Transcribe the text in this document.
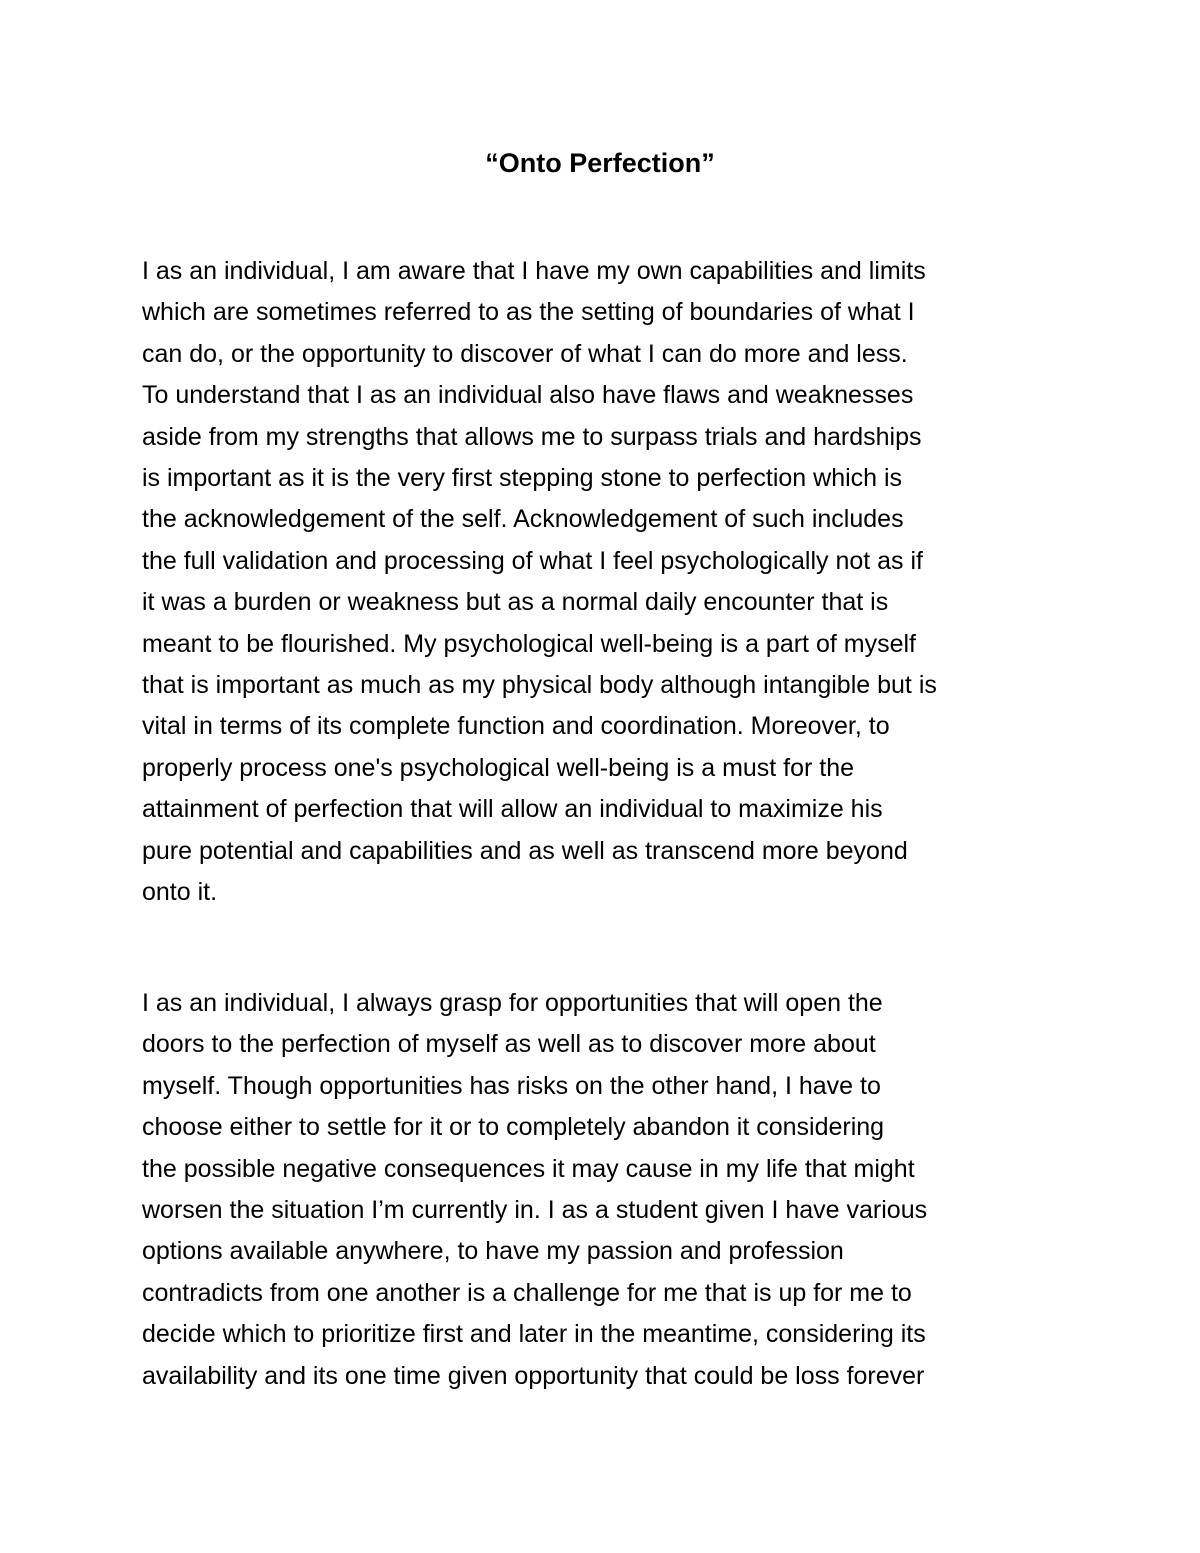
“Onto Perfection”
I as an individual, I am aware that I have my own capabilities and limits
which are sometimes referred to as the setting of boundaries of what I
can do, or the opportunity to discover of what I can do more and less.
To understand that I as an individual also have flaws and weaknesses
aside from my strengths that allows me to surpass trials and hardships
is important as it is the very first stepping stone to perfection which is
the acknowledgement of the self. Acknowledgement of such includes
the full validation and processing of what I feel psychologically not as if
it was a burden or weakness but as a normal daily encounter that is
meant to be flourished. My psychological well-being is a part of myself
that is important as much as my physical body although intangible but is
vital in terms of its complete function and coordination. Moreover, to
properly process one's psychological well-being is a must for the
attainment of perfection that will allow an individual to maximize his
pure potential and capabilities and as well as transcend more beyond
onto it.
I as an individual, I always grasp for opportunities that will open the
doors to the perfection of myself as well as to discover more about
myself. Though opportunities has risks on the other hand, I have to
choose either to settle for it or to completely abandon it considering
the possible negative consequences it may cause in my life that might
worsen the situation I’m currently in. I as a student given I have various
options available anywhere, to have my passion and profession
contradicts from one another is a challenge for me that is up for me to
decide which to prioritize first and later in the meantime, considering its
availability and its one time given opportunity that could be loss forever
